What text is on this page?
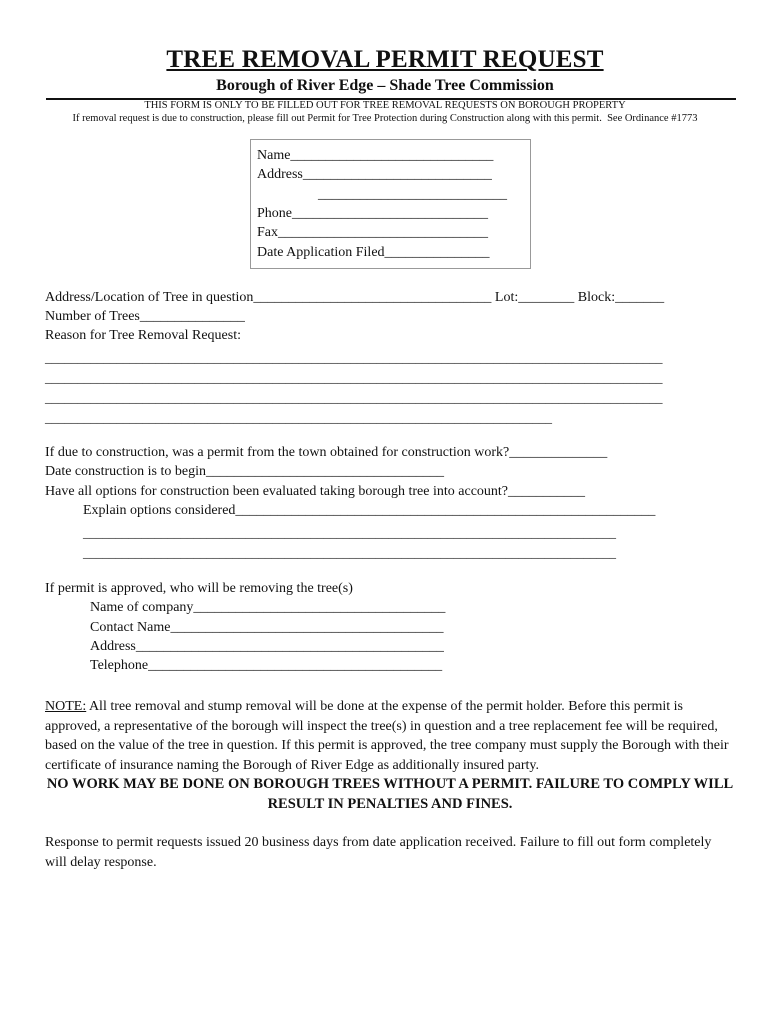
TREE REMOVAL PERMIT REQUEST
Borough of River Edge – Shade Tree Commission
THIS FORM IS ONLY TO BE FILLED OUT FOR TREE REMOVAL REQUESTS ON BOROUGH PROPERTY
If removal request is due to construction, please fill out Permit for Tree Protection during Construction along with this permit.  See Ordinance #1773
Name_____________________________
Address___________________________
___________________________
Phone____________________________
Fax______________________________
Date Application Filed_______________
Address/Location of Tree in question__________________________________ Lot:________ Block:_______
Number of Trees_______________
Reason for Tree Removal Request:
_______________________________________________________________________________________________
_______________________________________________________________________________________________
_______________________________________________________________________________________________
______________________________________________________________________________
If due to construction, was a permit from the town obtained for construction work?______________
Date construction is to begin__________________________________
Have all options for construction been evaluated taking borough tree into account?___________
Explain options considered____________________________________________________________
__________________________________________________________________________________
__________________________________________________________________________________
If permit is approved, who will be removing the tree(s)
Name of company____________________________________
Contact Name_______________________________________
Address____________________________________________
Telephone__________________________________________
NOTE: All tree removal and stump removal will be done at the expense of the permit holder. Before this permit is approved, a representative of the borough will inspect the tree(s) in question and a tree replacement fee will be required, based on the value of the tree in question. If this permit is approved, the tree company must supply the Borough with their certificate of insurance naming the Borough of River Edge as additionally insured party.
NO WORK MAY BE DONE ON BOROUGH TREES WITHOUT A PERMIT. FAILURE TO COMPLY WILL RESULT IN PENALTIES AND FINES.
Response to permit requests issued 20 business days from date application received. Failure to fill out form completely will delay response.
